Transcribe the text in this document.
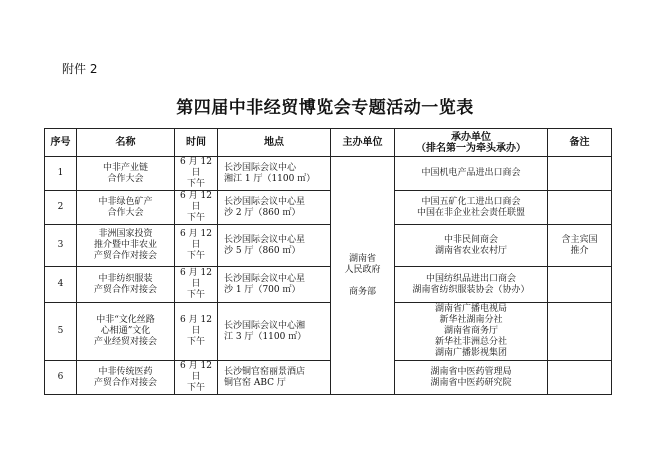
附件 2
第四届中非经贸博览会专题活动一览表
序号	名称	时间	地点	主办单位	承办单位
（排名第一为牵头承办）	备注
1	中非产业链
合作大会	6 月 12 日
下午	长沙国际会议中心
湘江 1 厅（1100 ㎡）	湖南省
人民政府

商务部	中国机电产品进出口商会	
2	中非绿色矿产
合作大会	6 月 12 日
下午	长沙国际会议中心星
沙 2 厅（860 ㎡）		中国五矿化工进出口商会
中国在非企业社会责任联盟	
3	非洲国家投资
推介暨中非农业
产贸合作对接会	6 月 12 日
下午	长沙国际会议中心星
沙 5 厅（860 ㎡）		中非民间商会
湖南省农业农村厅	含主宾国
推介
4	中非纺织服装
产贸合作对接会	6 月 12 日
下午	长沙国际会议中心星
沙 1 厅（700 ㎡）		中国纺织品进出口商会
湖南省纺织服装协会（协办）	
5	中非“文化丝路
心相通”文化
产业经贸对接会	6 月 12 日
下午	长沙国际会议中心湘
江 3 厅（1100 ㎡）		湖南省广播电视局
新华社湖南分社
湖南省商务厅
新华社非洲总分社
湖南广播影视集团	
6	中非传统医药
产贸合作对接会	6 月 12 日
下午	长沙铜官窑丽景酒店
铜官窑 ABC 厅		湖南省中医药管理局
湖南省中医药研究院	
